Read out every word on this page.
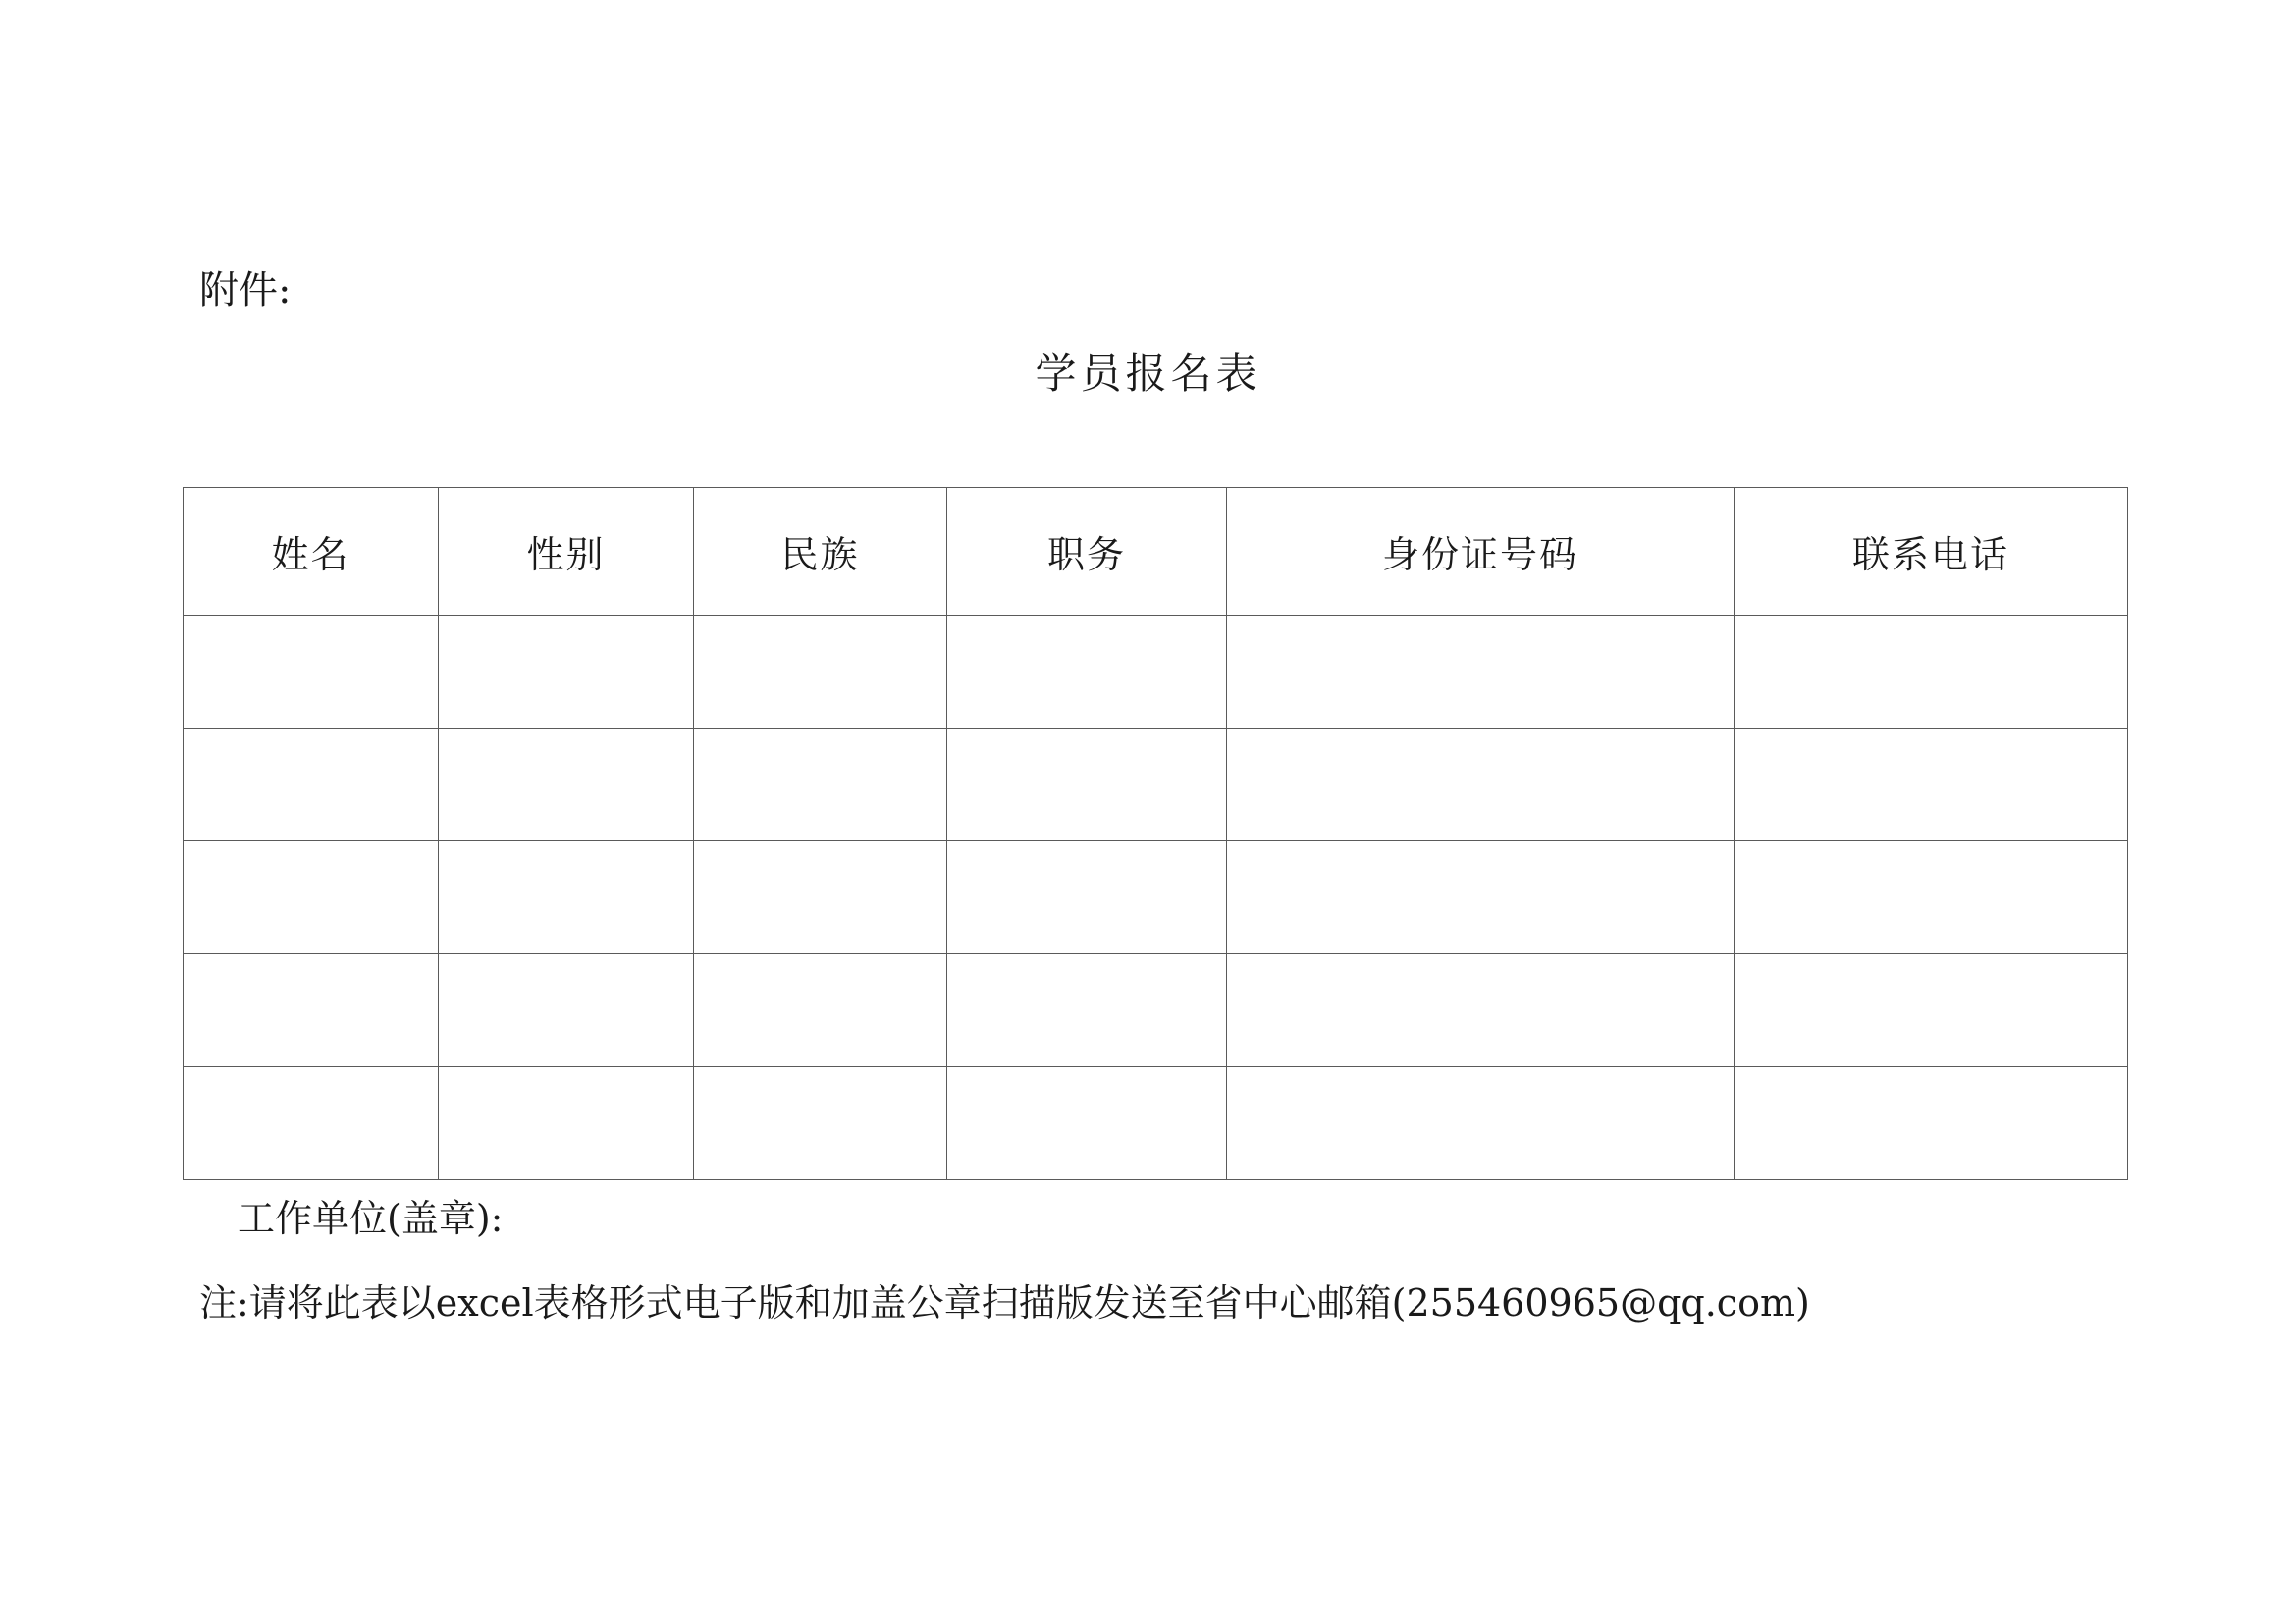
附件:
学员报名表
姓名	性别	民族	职务	身份证号码	联系电话

工作单位(盖章):
注:请将此表以excel表格形式电子版和加盖公章扫描版发送至省中心邮箱(255460965@qq.com)
